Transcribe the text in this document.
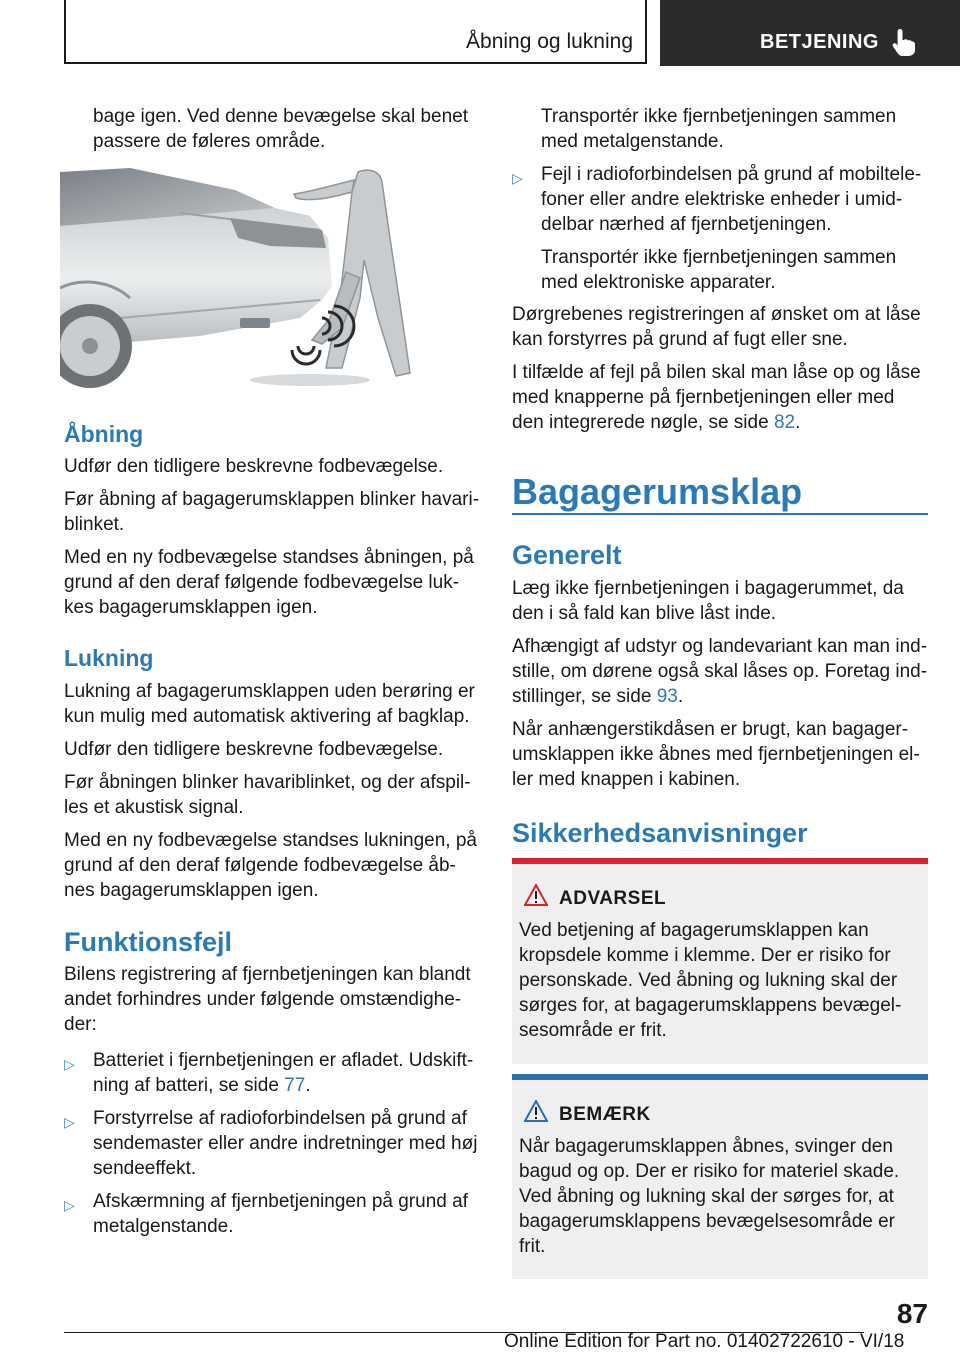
Åbning og lukning	BETJENING

bage igen. Ved denne bevægelse skal benet

passere de føleres område.

Åbning

Udfør den tidligere beskrevne fodbevægelse.

Før åbning af bagagerumsklappen blinker havari-

blinket.

Med en ny fodbevægelse standses åbningen, på

grund af den deraf følgende fodbevægelse luk-

kes bagagerumsklappen igen.

Lukning

Lukning af bagagerumsklappen uden berøring er

kun mulig med automatisk aktivering af bagklap.

Udfør den tidligere beskrevne fodbevægelse.

Før åbningen blinker havariblinket, og der afspil-

les et akustisk signal.

Med en ny fodbevægelse standses lukningen, på

grund af den deraf følgende fodbevægelse åb-

nes bagagerumsklappen igen.

Funktionsfejl

Bilens registrering af fjernbetjeningen kan blandt

andet forhindres under følgende omstændighe-

der:

▷ Batteriet i fjernbetjeningen er afladet. Udskift-

ning af batteri, se side 77.

▷ Forstyrrelse af radioforbindelsen på grund af

sendemaster eller andre indretninger med høj

sendeeffekt.

▷ Afskærmning af fjernbetjeningen på grund af

metalgenstande.

Transportér ikke fjernbetjeningen sammen

med metalgenstande.

▷ Fejl i radioforbindelsen på grund af mobiltele-

foner eller andre elektriske enheder i umid-

delbar nærhed af fjernbetjeningen.

Transportér ikke fjernbetjeningen sammen

med elektroniske apparater.

Dørgrebenes registreringen af ønsket om at låse

kan forstyrres på grund af fugt eller sne.

I tilfælde af fejl på bilen skal man låse op og låse

med knapperne på fjernbetjeningen eller med

den integrerede nøgle, se side 82.

Bagagerumsklap
Generelt

Læg ikke fjernbetjeningen i bagagerummet, da

den i så fald kan blive låst inde.

Afhængigt af udstyr og landevariant kan man ind-

stille, om dørene også skal låses op. Foretag ind-

stillinger, se side 93.

Når anhængerstikdåsen er brugt, kan bagager-

umsklappen ikke åbnes med fjernbetjeningen el-

ler med knappen i kabinen.

Sikkerhedsanvisninger
ADVARSEL

Ved betjening af bagagerumsklappen kan

kropsdele komme i klemme. Der er risiko for

personskade. Ved åbning og lukning skal der

sørges for, at bagagerumsklappens bevægel-

sesområde er frit.

BEMÆRK

Når bagagerumsklappen åbnes, svinger den

bagud og op. Der er risiko for materiel skade.

Ved åbning og lukning skal der sørges for, at

bagagerumsklappens bevægelsesområde er

frit.

87
Online Edition for Part no. 01402722610 - VI/18
